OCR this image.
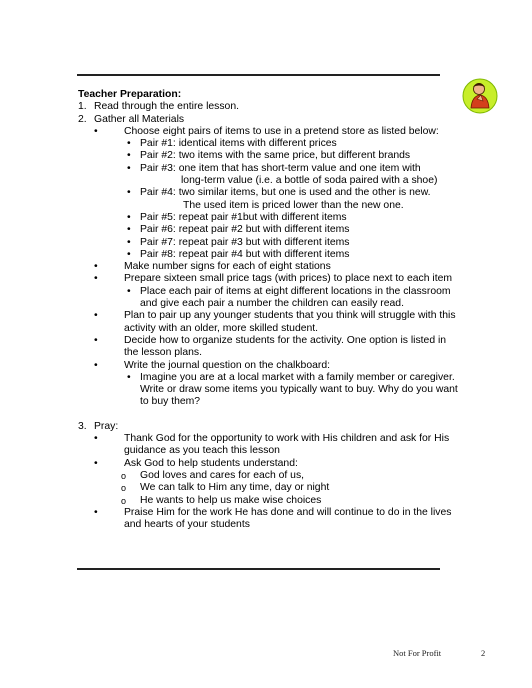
Teacher Preparation:
1. Read through the entire lesson.
2. Gather all Materials
•	Choose eight pairs of items to use in a pretend store as listed below:
• Pair #1: identical items with different prices
• Pair #2: two items with the same price, but different brands
• Pair #3: one item that has short-term value and one item with
long-term value (i.e. a bottle of soda paired with a shoe)
• Pair #4: two similar items, but one is used and the other is new.
The used item is priced lower than the new one.
• Pair #5: repeat pair #1but with different items
• Pair #6: repeat pair #2 but with different items
• Pair #7: repeat pair #3 but with different items
• Pair #8: repeat pair #4 but with different items
•	Make number signs for each of eight stations
•	Prepare sixteen small price tags (with prices) to place next to each item
• Place each pair of items at eight different locations in the classroom and give each pair a number the children can easily read.
•	Plan to pair up any younger students that you think will struggle with this activity with an older, more skilled student.
•	Decide how to organize students for the activity. One option is listed in the lesson plans.
•	Write the journal question on the chalkboard:
• Imagine you are at a local market with a family member or caregiver. Write or draw some items you typically want to buy. Why do you want to buy them?
3. Pray:
•	Thank God for the opportunity to work with His children and ask for His guidance as you teach this lesson
•	Ask God to help students understand:
o God loves and cares for each of us,
o We can talk to Him any time, day or night
o He wants to help us make wise choices
•	Praise Him for the work He has done and will continue to do in the lives and hearts of your students
Not For Profit	2
